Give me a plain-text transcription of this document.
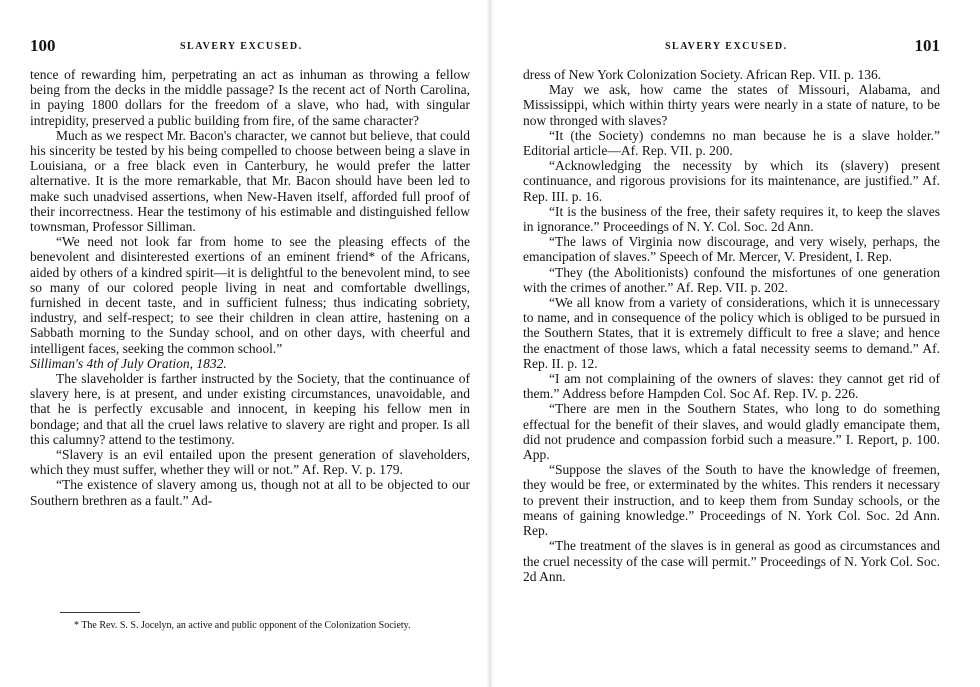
100	SLAVERY EXCUSED.

tence of rewarding him, perpetrating an act as inhuman as throwing a fellow being from the decks in the middle passage? Is the recent act of North Carolina, in paying 1800 dollars for the freedom of a slave, who had, with singular intrepidity, preserved a public building from fire, of the same character?

Much as we respect Mr. Bacon's character, we cannot but believe, that could his sincerity be tested by his being compelled to choose between being a slave in Louisiana, or a free black even in Canterbury, he would prefer the latter alternative. It is the more remarkable, that Mr. Bacon should have been led to make such unadvised assertions, when New-Haven itself, afforded full proof of their incorrectness. Hear the testimony of his estimable and distinguished fellow townsman, Professor Silliman.

“We need not look far from home to see the pleasing effects of the benevolent and disinterested exertions of an eminent friend* of the Africans, aided by others of a kindred spirit—it is delightful to the benevolent mind, to see so many of our colored people living in neat and comfortable dwellings, furnished in decent taste, and in sufficient fulness; thus indicating sobriety, industry, and self-respect; to see their children in clean attire, hastening on a Sabbath morning to the Sunday school, and on other days, with cheerful and intelligent faces, seeking the common school.”

Silliman's 4th of July Oration, 1832.

The slaveholder is farther instructed by the Society, that the continuance of slavery here, is at present, and under existing circumstances, unavoidable, and that he is perfectly excusable and innocent, in keeping his fellow men in bondage; and that all the cruel laws relative to slavery are right and proper. Is all this calumny? attend to the testimony.

“Slavery is an evil entailed upon the present generation of slaveholders, which they must suffer, whether they will or not.” Af. Rep. V. p. 179.

“The existence of slavery among us, though not at all to be objected to our Southern brethren as a fault.” Ad-

* The Rev. S. S. Jocelyn, an active and public opponent of the Colonization Society.
SLAVERY EXCUSED.	101

dress of New York Colonization Society. African Rep. VII. p. 136.

May we ask, how came the states of Missouri, Alabama, and Mississippi, which within thirty years were nearly in a state of nature, to be now thronged with slaves?

“It (the Society) condemns no man because he is a slave holder.” Editorial article—Af. Rep. VII. p. 200.

“Acknowledging the necessity by which its (slavery) present continuance, and rigorous provisions for its maintenance, are justified.” Af. Rep. III. p. 16.

“It is the business of the free, their safety requires it, to keep the slaves in ignorance.” Proceedings of N. Y. Col. Soc. 2d Ann.

“The laws of Virginia now discourage, and very wisely, perhaps, the emancipation of slaves.” Speech of Mr. Mercer, V. President, I. Rep.

“They (the Abolitionists) confound the misfortunes of one generation with the crimes of another.” Af. Rep. VII. p. 202.

“We all know from a variety of considerations, which it is unnecessary to name, and in consequence of the policy which is obliged to be pursued in the Southern States, that it is extremely difficult to free a slave; and hence the enactment of those laws, which a fatal necessity seems to demand.” Af. Rep. II. p. 12.

“I am not complaining of the owners of slaves: they cannot get rid of them.” Address before Hampden Col. Soc Af. Rep. IV. p. 226.

“There are men in the Southern States, who long to do something effectual for the benefit of their slaves, and would gladly emancipate them, did not prudence and compassion forbid such a measure.” I. Report, p. 100. App.

“Suppose the slaves of the South to have the knowledge of freemen, they would be free, or exterminated by the whites. This renders it necessary to prevent their instruction, and to keep them from Sunday schools, or the means of gaining knowledge.” Proceedings of N. York Col. Soc. 2d Ann. Rep.

“The treatment of the slaves is in general as good as circumstances and the cruel necessity of the case will permit.” Proceedings of N. York Col. Soc. 2d Ann.
